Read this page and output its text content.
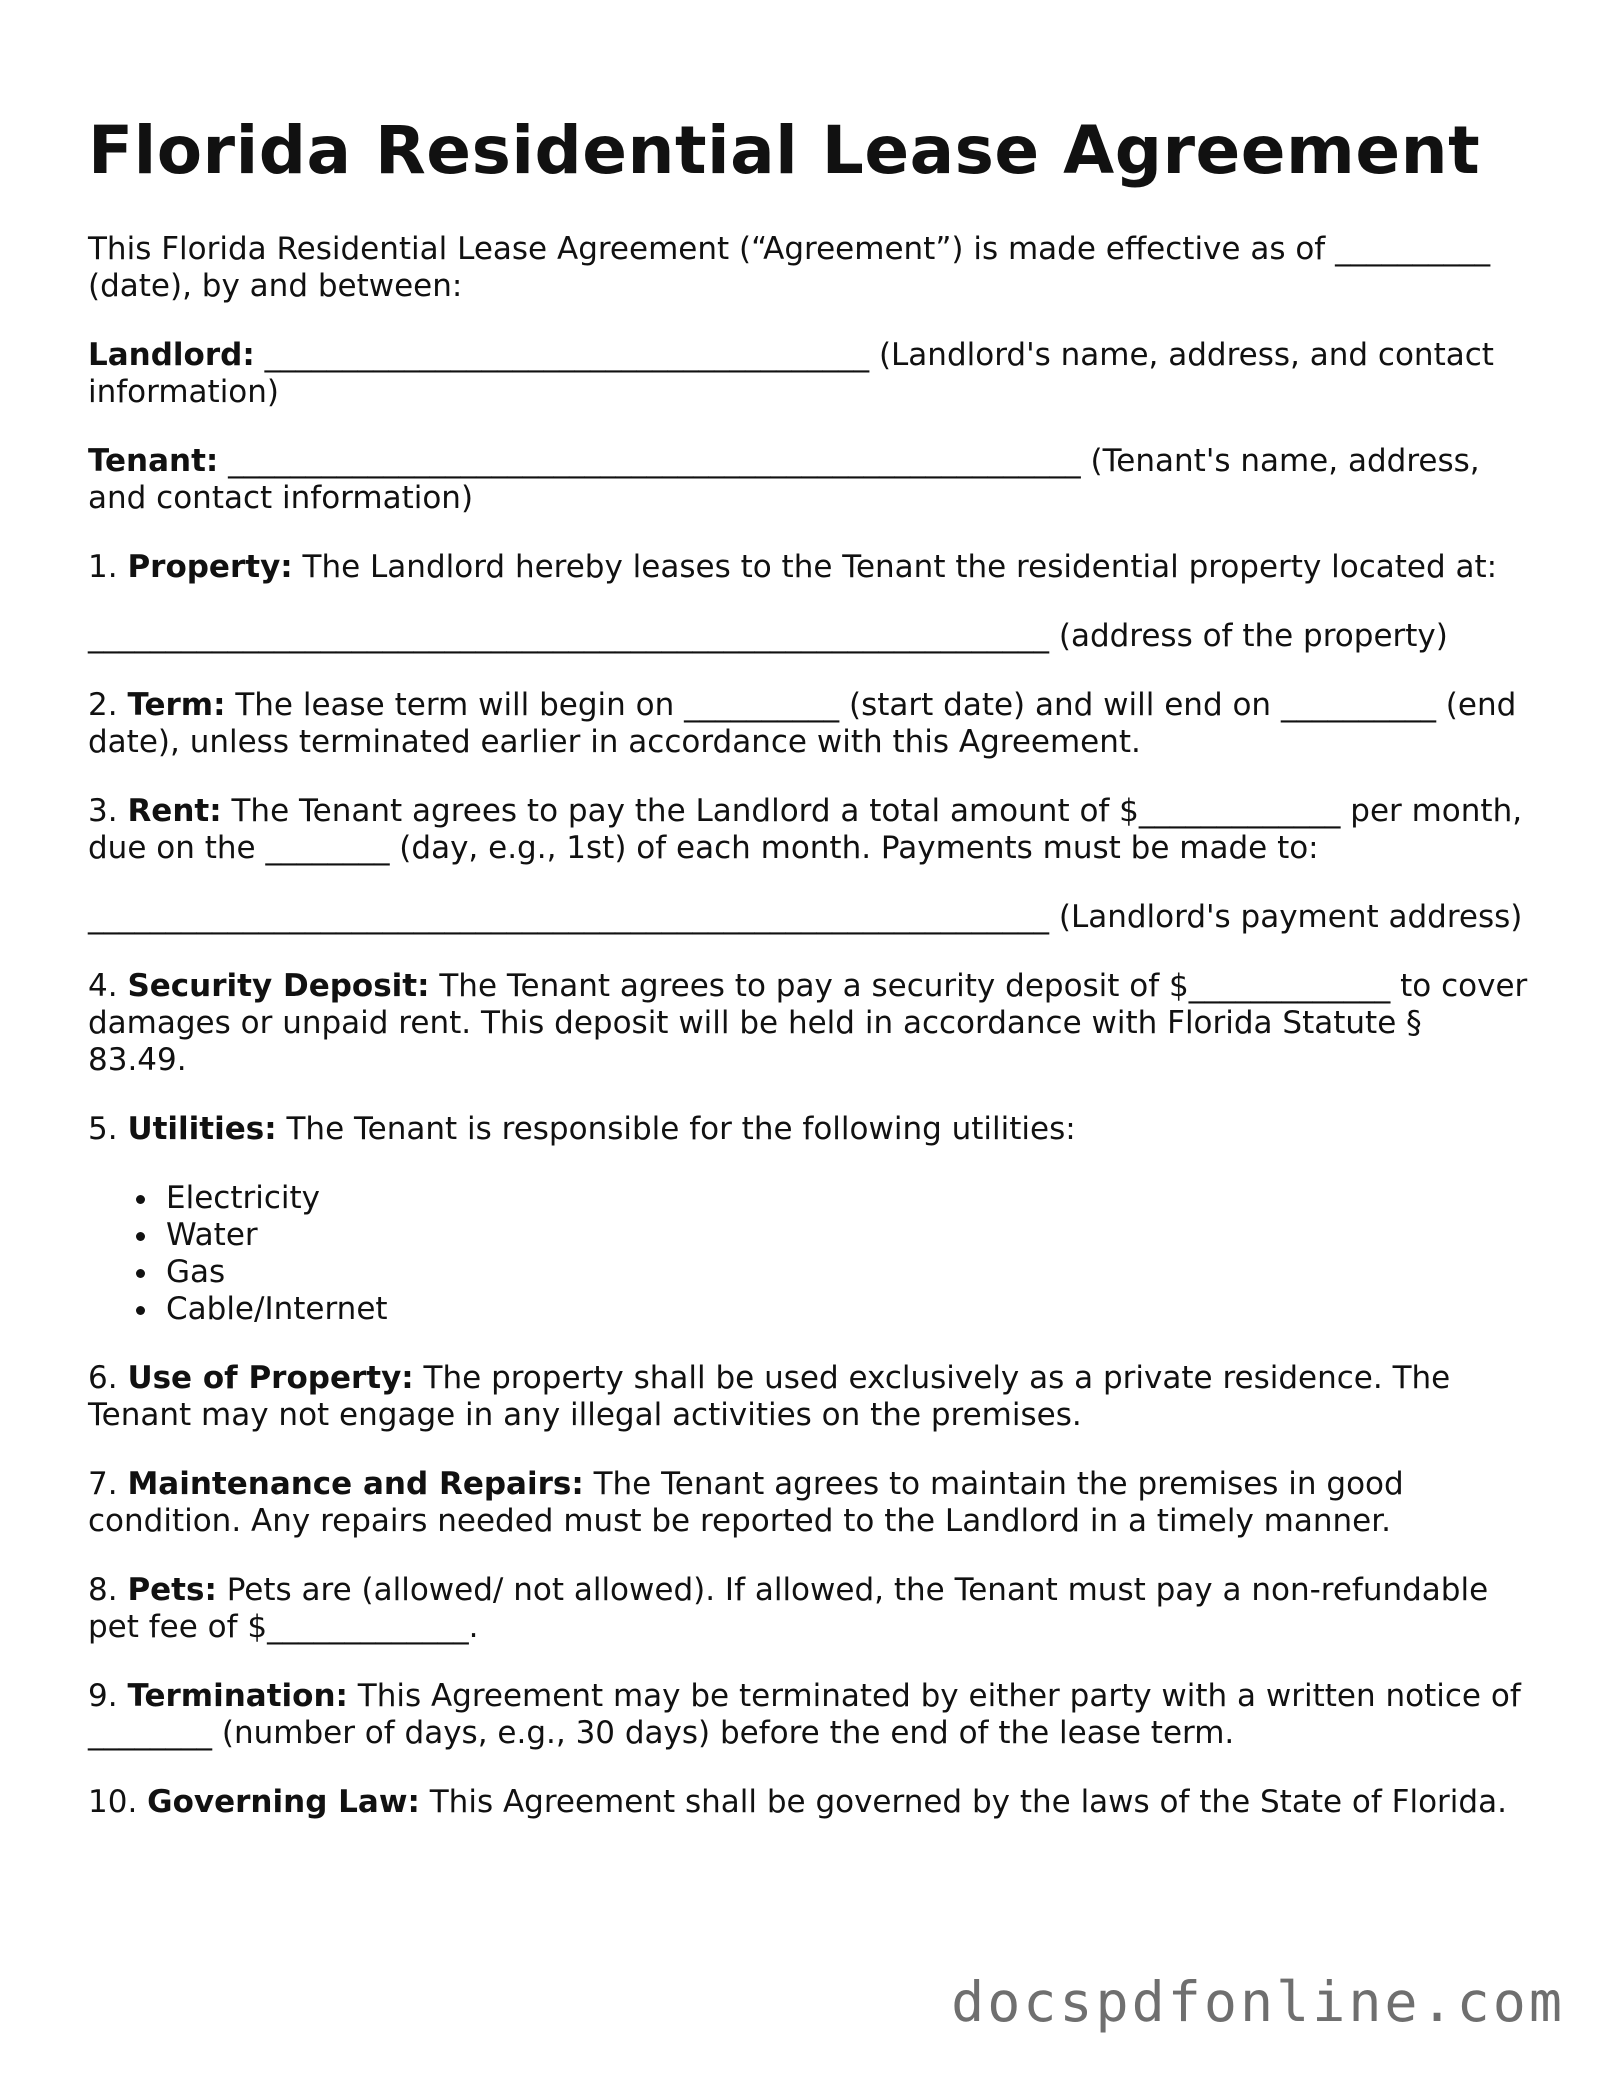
Florida Residential Lease Agreement

This Florida Residential Lease Agreement (“Agreement”) is made effective as of __________ (date), by and between:

Landlord: _______________________________________ (Landlord's name, address, and contact information)

Tenant: _______________________________________________________ (Tenant's name, address, and contact information)

1. Property: The Landlord hereby leases to the Tenant the residential property located at:

______________________________________________________________ (address of the property)

2. Term: The lease term will begin on __________ (start date) and will end on __________ (end date), unless terminated earlier in accordance with this Agreement.

3. Rent: The Tenant agrees to pay the Landlord a total amount of $_____________ per month, due on the ________ (day, e.g., 1st) of each month. Payments must be made to:

______________________________________________________________ (Landlord's payment address)

4. Security Deposit: The Tenant agrees to pay a security deposit of $_____________ to cover damages or unpaid rent. This deposit will be held in accordance with Florida Statute § 83.49.

5. Utilities: The Tenant is responsible for the following utilities:

Electricity
Water
Gas
Cable/Internet

6. Use of Property: The property shall be used exclusively as a private residence. The Tenant may not engage in any illegal activities on the premises.

7. Maintenance and Repairs: The Tenant agrees to maintain the premises in good condition. Any repairs needed must be reported to the Landlord in a timely manner.

8. Pets: Pets are (allowed/ not allowed). If allowed, the Tenant must pay a non-refundable pet fee of $_____________.

9. Termination: This Agreement may be terminated by either party with a written notice of ________ (number of days, e.g., 30 days) before the end of the lease term.

10. Governing Law: This Agreement shall be governed by the laws of the State of Florida.

docspdfonline.com
